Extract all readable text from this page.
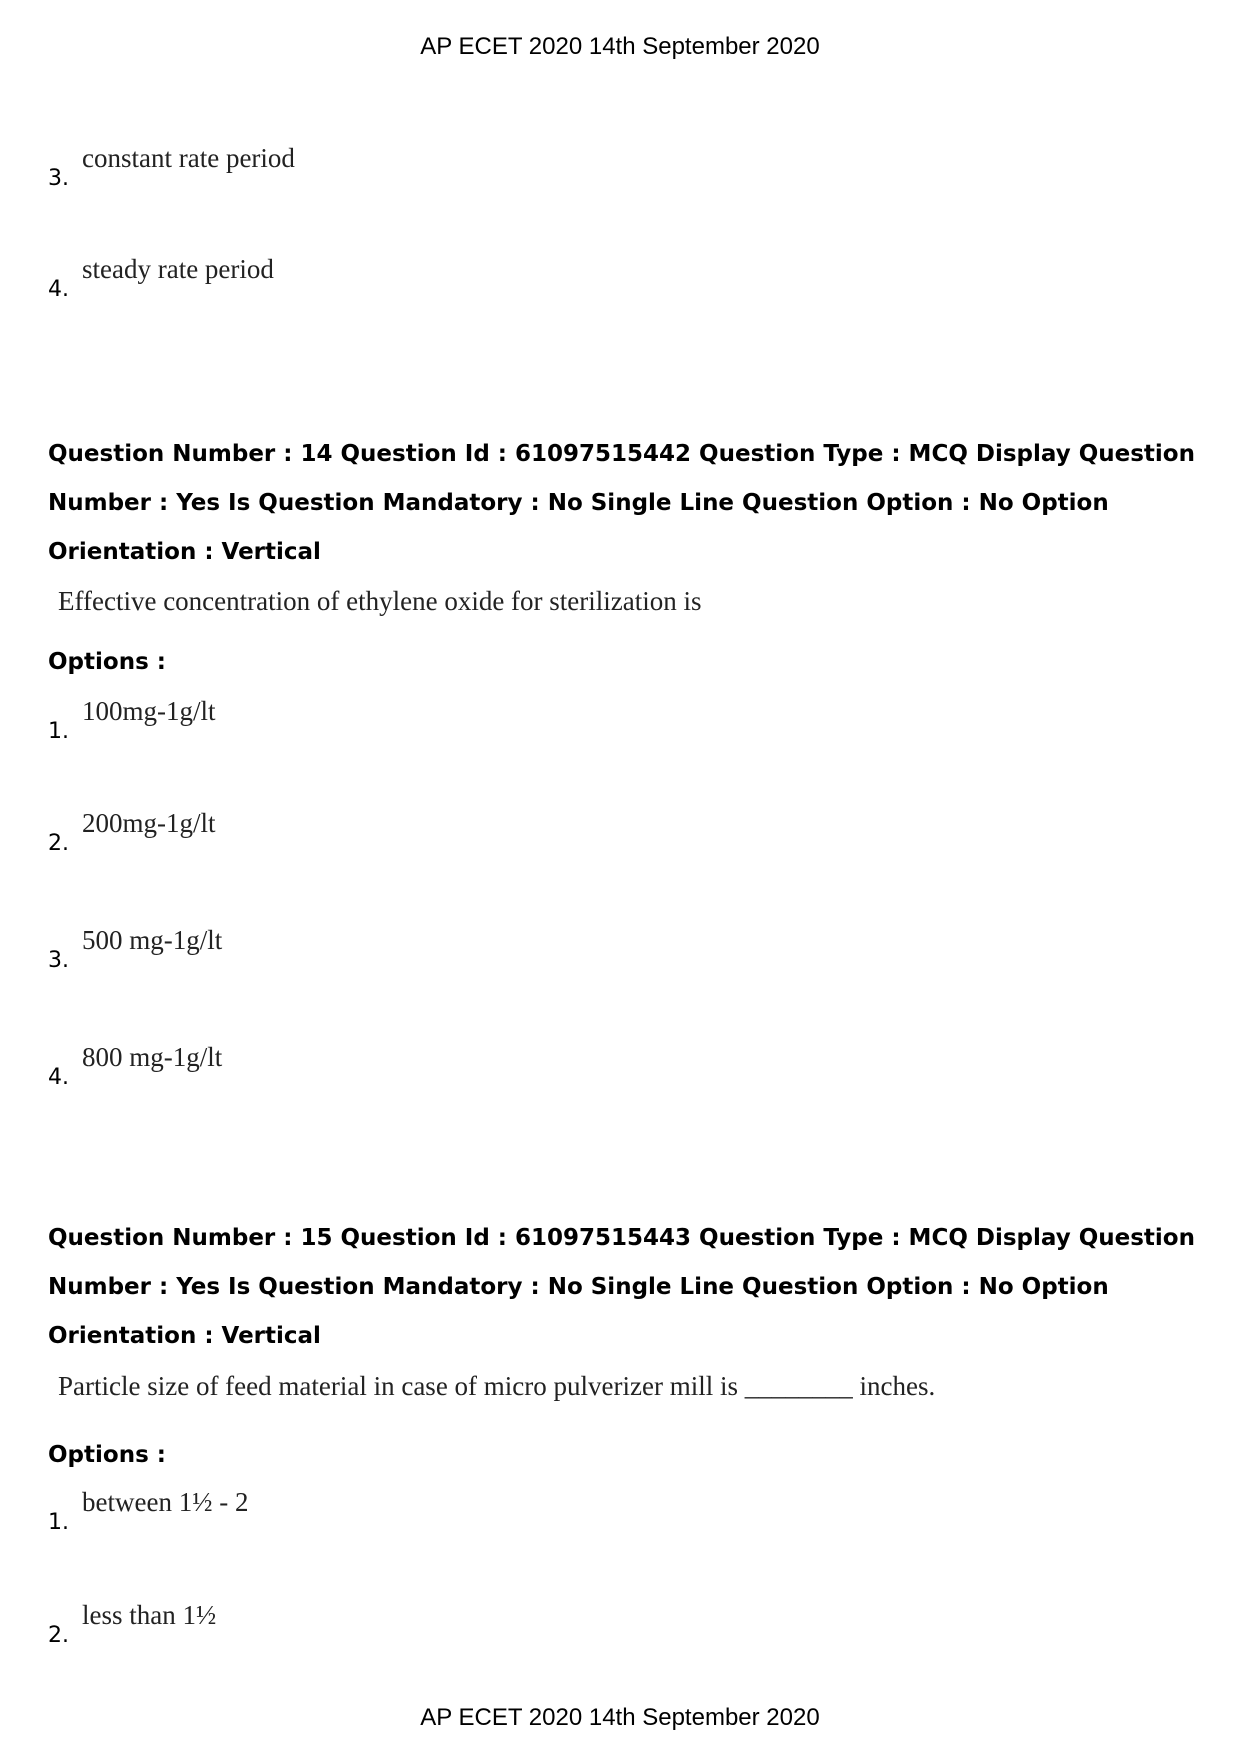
AP ECET 2020 14th September 2020
3.
constant rate period
4.
steady rate period
Question Number : 14 Question Id : 61097515442 Question Type : MCQ Display Question
Number : Yes Is Question Mandatory : No Single Line Question Option : No Option
Orientation : Vertical
Effective concentration of ethylene oxide for sterilization is
Options :
1.
100mg-1g/lt
2.
200mg-1g/lt
3.
500 mg-1g/lt
4.
800 mg-1g/lt
Question Number : 15 Question Id : 61097515443 Question Type : MCQ Display Question
Number : Yes Is Question Mandatory : No Single Line Question Option : No Option
Orientation : Vertical
Particle size of feed material in case of micro pulverizer mill is ________ inches.
Options :
1.
between 1½ - 2
2.
less than 1½
AP ECET 2020 14th September 2020
